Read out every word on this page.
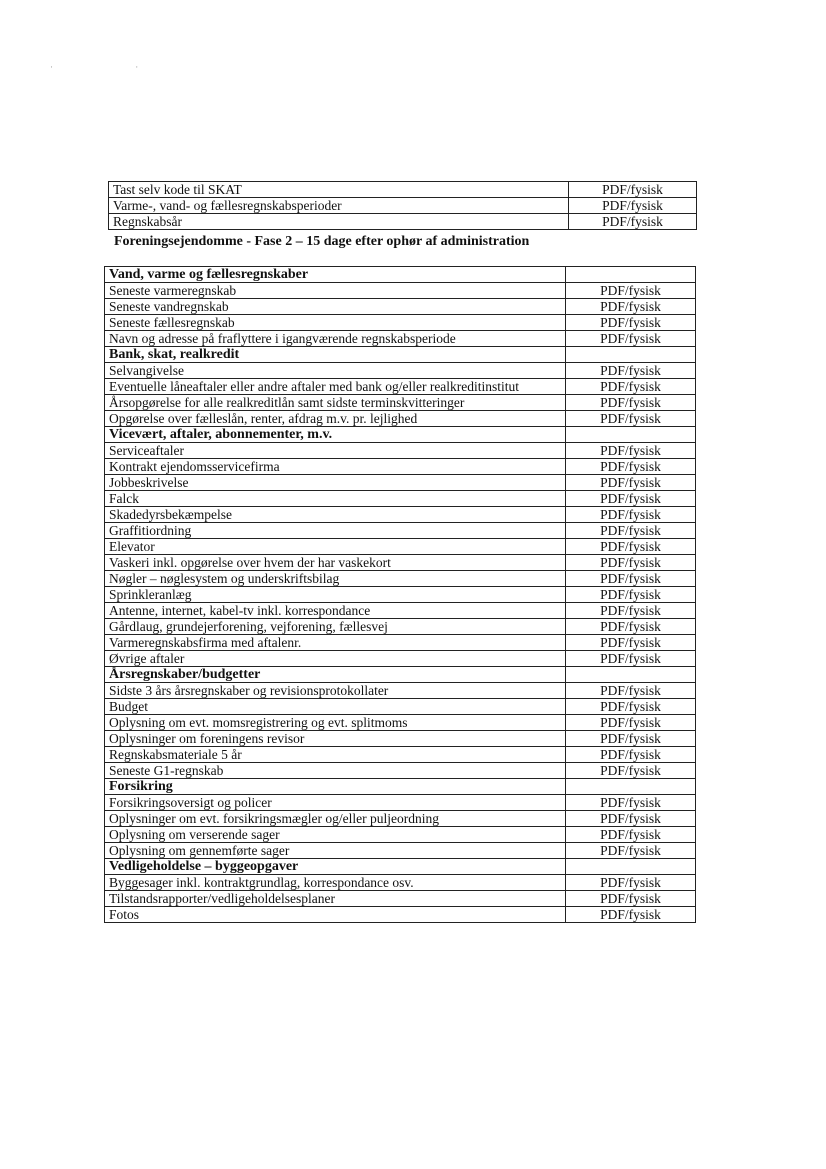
· ·
Tast selv kode til SKAT	PDF/fysisk
Varme-, vand- og fællesregnskabsperioder	PDF/fysisk
Regnskabsår	PDF/fysisk
Foreningsejendomme - Fase 2 – 15 dage efter ophør af administration
Vand, varme og fællesregnskaber	
Seneste varmeregnskab	PDF/fysisk
Seneste vandregnskab	PDF/fysisk
Seneste fællesregnskab	PDF/fysisk
Navn og adresse på fraflyttere i igangværende regnskabsperiode	PDF/fysisk
Bank, skat, realkredit	
Selvangivelse	PDF/fysisk
Eventuelle låneaftaler eller andre aftaler med bank og/eller realkreditinstitut	PDF/fysisk
Årsopgørelse for alle realkreditlån samt sidste terminskvitteringer	PDF/fysisk
Opgørelse over fælleslån, renter, afdrag m.v. pr. lejlighed	PDF/fysisk
Vicevært, aftaler, abonnementer, m.v.	
Serviceaftaler	PDF/fysisk
Kontrakt ejendomsservicefirma	PDF/fysisk
Jobbeskrivelse	PDF/fysisk
Falck	PDF/fysisk
Skadedyrsbekæmpelse	PDF/fysisk
Graffitiordning	PDF/fysisk
Elevator	PDF/fysisk
Vaskeri inkl. opgørelse over hvem der har vaskekort	PDF/fysisk
Nøgler – nøglesystem og underskriftsbilag	PDF/fysisk
Sprinkleranlæg	PDF/fysisk
Antenne, internet, kabel-tv inkl. korrespondance	PDF/fysisk
Gårdlaug, grundejerforening, vejforening, fællesvej	PDF/fysisk
Varmeregnskabsfirma med aftalenr.	PDF/fysisk
Øvrige aftaler	PDF/fysisk
Årsregnskaber/budgetter	
Sidste 3 års årsregnskaber og revisionsprotokollater	PDF/fysisk
Budget	PDF/fysisk
Oplysning om evt. momsregistrering og evt. splitmoms	PDF/fysisk
Oplysninger om foreningens revisor	PDF/fysisk
Regnskabsmateriale 5 år	PDF/fysisk
Seneste G1-regnskab	PDF/fysisk
Forsikring	
Forsikringsoversigt og policer	PDF/fysisk
Oplysninger om evt. forsikringsmægler og/eller puljeordning	PDF/fysisk
Oplysning om verserende sager	PDF/fysisk
Oplysning om gennemførte sager	PDF/fysisk
Vedligeholdelse – byggeopgaver	
Byggesager inkl. kontraktgrundlag, korrespondance osv.	PDF/fysisk
Tilstandsrapporter/vedligeholdelsesplaner	PDF/fysisk
Fotos	PDF/fysisk
